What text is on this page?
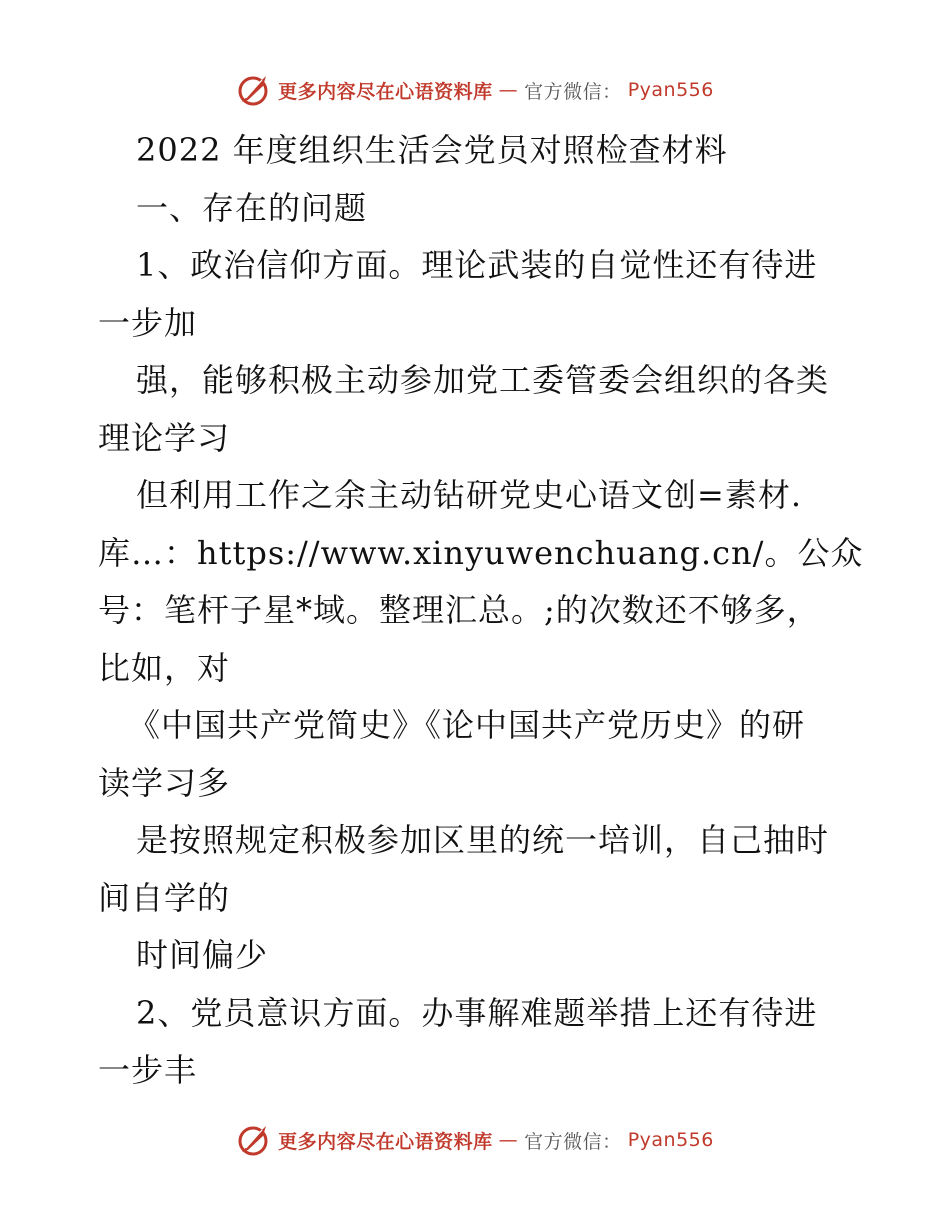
更多内容尽在心语资料库 — 官方微信： Pyan556
2022 年度组织生活会党员对照检查材料
一、存在的问题
1、政治信仰方面。理论武装的自觉性还有待进
一步加
强，能够积极主动参加党工委管委会组织的各类
理论学习
但利用工作之余主动钻研党史心语文创=素材.
库…：https://www.xinyuwenchuang.cn/。公众
号：笔杆子星*域。整理汇总。;的次数还不够多，
比如，对
《中国共产党简史》《论中国共产党历史》的研
读学习多
是按照规定积极参加区里的统一培训，自己抽时
间自学的
时间偏少
2、党员意识方面。办事解难题举措上还有待进
一步丰
更多内容尽在心语资料库 — 官方微信： Pyan556
